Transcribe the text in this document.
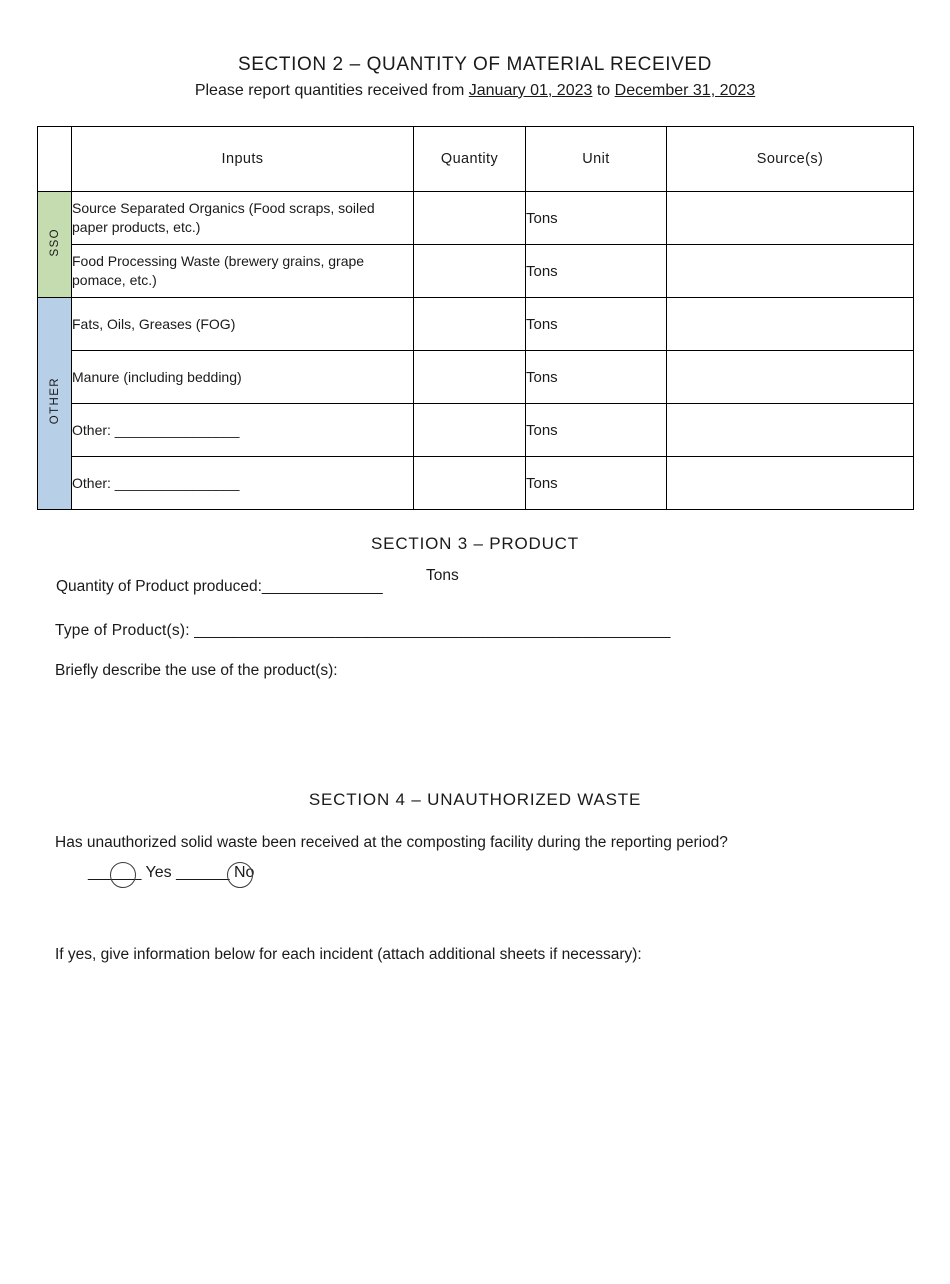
SECTION 2 – QUANTITY OF MATERIAL RECEIVED
Please report quantities received from January 01, 2023 to December 31, 2023
	Inputs	Quantity	Unit	Source(s)
SSO	Source Separated Organics (Food scraps, soiled paper products, etc.)		Tons	
	Food Processing Waste (brewery grains, grape pomace, etc.)		Tons	
OTHER	Fats, Oils, Greases (FOG)		Tons	
	Manure (including bedding)		Tons	
	Other: ________________		Tons	
	Other: ________________		Tons	
SECTION 3 – PRODUCT
Quantity of Product produced:______________
Tons
Type of Product(s): ______________________________________________________
Briefly describe the use of the product(s):
SECTION 4 – UNAUTHORIZED WASTE
Has unauthorized solid waste been received at the composting facility during the reporting period?
______ Yes ______ No
If yes, give information below for each incident (attach additional sheets if necessary):
